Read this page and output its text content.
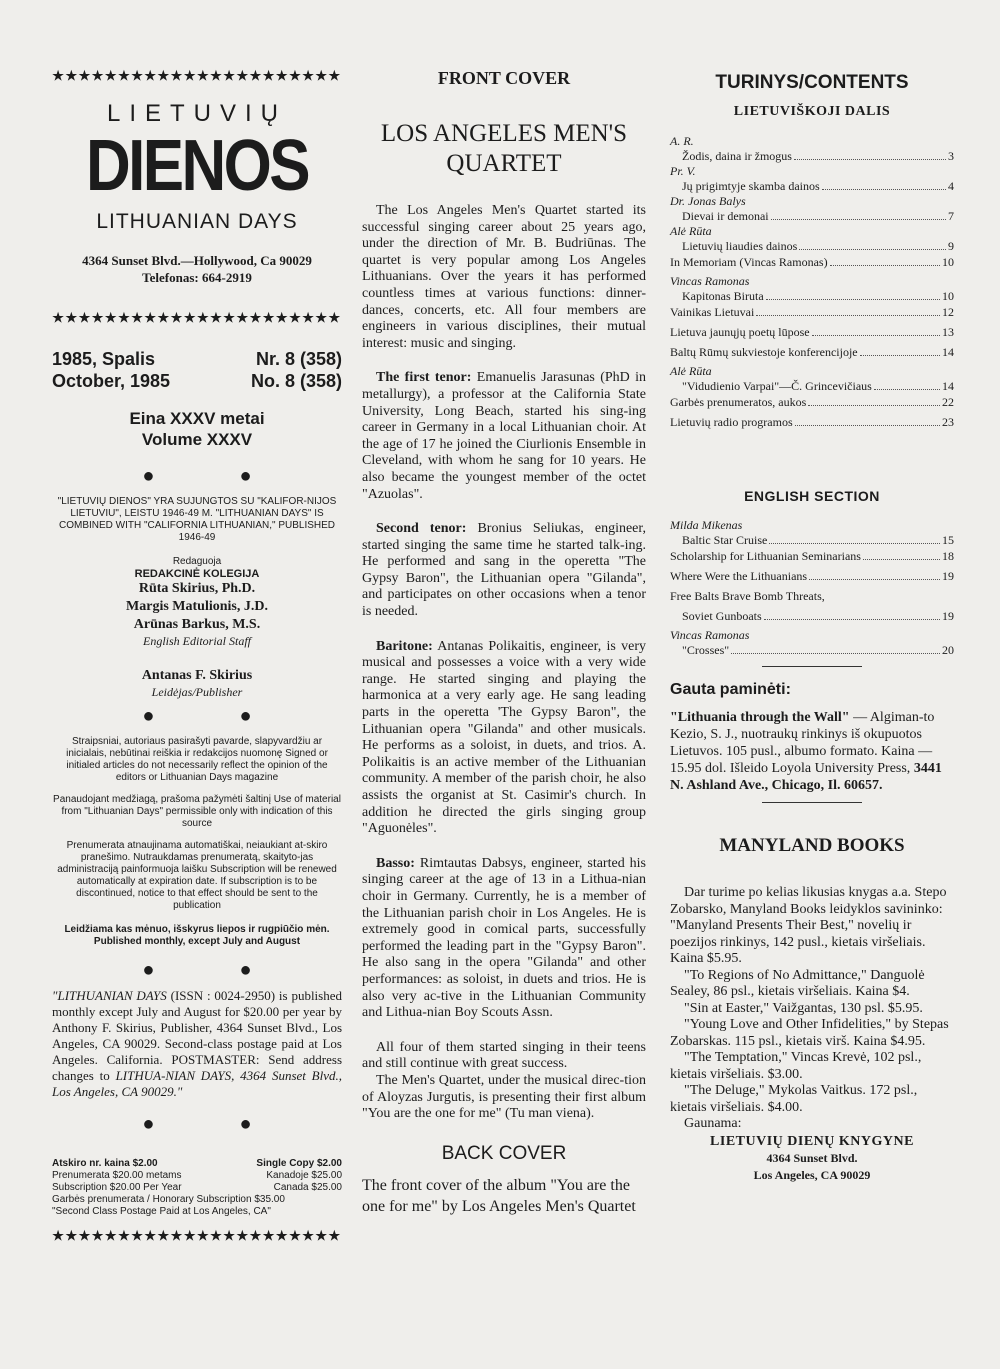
★★★★★★★★★★★★★★★★★★★★★★
LIETUVIŲ
DIENOS
LITHUANIAN DAYS
4364 Sunset Blvd.—Hollywood, Ca 90029
Telefonas: 664-2919
★★★★★★★★★★★★★★★★★★★★★★
1985, Spalis	Nr. 8 (358)
October, 1985	No. 8 (358)
Eina XXXV metai
Volume XXXV
● ●
"LIETUVIŲ DIENOS" YRA SUJUNGTOS SU "KALIFOR-NIJOS LIETUVIU", LEISTU 1946-49 M. "LITHUANIAN DAYS" IS COMBINED WITH "CALIFORNIA LITHUANIAN," PUBLISHED 1946-49
Redaguoja
REDAKCINĖ KOLEGIJA
Rūta Skirius, Ph.D.
Margis Matulionis, J.D.
Arūnas Barkus, M.S.
English Editorial Staff
Antanas F. Skirius
Leidėjas/Publisher
● ●
Straipsniai, autoriaus pasirašyti pavarde, slapyvardžiu ar inicialais, nebūtinai reiškia ir redakcijos nuomonę Signed or initialed articles do not necessarily reflect the opinion of the editors or Lithuanian Days magazine
Panaudojant medžiagą, prašoma pažymėti šaltinį Use of material from "Lithuanian Days" permissible only with indication of this source
Prenumerata atnaujinama automatiškai, neiaukiant at-skiro pranešimo. Nutraukdamas prenumeratą, skaityto-jas administraciją painformuoja laišku Subscription will be renewed automatically at expiration date. If subscription is to be discontinued, notice to that effect should be sent to the publication
Leidžiama kas mėnuo, išskyrus liepos ir rugpiūčio mėn.
Published monthly, except July and August
● ●
"LITHUANIAN DAYS (ISSN : 0024-2950) is published monthly except July and August for $20.00 per year by Anthony F. Skirius, Publisher, 4364 Sunset Blvd., Los Angeles, CA 90029. Second-class postage paid at Los Angeles. California. POSTMASTER: Send address changes to LITHUA-NIAN DAYS, 4364 Sunset Blvd., Los Angeles, CA 90029."
● ●
Atskiro nr. kaina $2.00	Single Copy $2.00
Prenumerata $20.00 metams	Kanadoje $25.00
Subscription $20.00 Per Year	Canada $25.00
Garbės prenumerata / Honorary Subscription $35.00
"Second Class Postage Paid at Los Angeles, CA"
★★★★★★★★★★★★★★★★★★★★★★
FRONT COVER
LOS ANGELES MEN'S QUARTET

The Los Angeles Men's Quartet started its successful singing career about 25 years ago, under the direction of Mr. B. Budriūnas. The quartet is very popular among Los Angeles Lithuanians. Over the years it has performed countless times at various functions: dinner-dances, concerts, etc. All four members are engineers in various disciplines, their mutual interest: music and singing.

The first tenor: Emanuelis Jarasunas (PhD in metallurgy), a professor at the California State University, Long Beach, started his sing-ing career in Germany in a local Lithuanian choir. At the age of 17 he joined the Ciurlionis Ensemble in Cleveland, with whom he sang for 10 years. He also became the youngest member of the octet "Azuolas".

Second tenor: Bronius Seliukas, engineer, started singing the same time he started talk-ing. He performed and sang in the operetta "The Gypsy Baron", the Lithuanian opera "Gilanda", and participates on other occasions when a tenor is needed.

Baritone: Antanas Polikaitis, engineer, is very musical and possesses a voice with a very wide range. He started singing and playing the harmonica at a very early age. He sang leading parts in the operetta 'The Gypsy Baron", the Lithuanian opera "Gilanda" and other musicals. He performs as a soloist, in duets, and trios. A. Polikaitis is an active member of the Lithuanian community. A member of the parish choir, he also assists the organist at St. Casimir's church. In addition he directed the girls singing group "Aguonėles".

Basso: Rimtautas Dabsys, engineer, started his singing career at the age of 13 in a Lithua-nian choir in Germany. Currently, he is a member of the Lithuanian parish choir in Los Angeles. He is extremely good in comical parts, successfully performed the leading part in the "Gypsy Baron". He also sang in the opera "Gilanda" and other performances: as soloist, in duets and trios. He is also very ac-tive in the Lithuanian Community and Lithua-nian Boy Scouts Assn.

All four of them started singing in their teens and still continue with great success.

The Men's Quartet, under the musical direc-tion of Aloyzas Jurgutis, is presenting their first album "You are the one for me" (Tu man viena).

BACK COVER
The front cover of the album "You are the one for me" by Los Angeles Men's Quartet
TURINYS/CONTENTS
LIETUVIŠKOJI DALIS
A. R.
Žodis, daina ir žmogus	3
Pr. V.
Jų prigimtyje skamba dainos	4
Dr. Jonas Balys
Dievai ir demonai	7
Alė Rūta
Lietuvių liaudies dainos	9
In Memoriam (Vincas Ramonas)	10
Vincas Ramonas
Kapitonas Biruta	10
Vainikas Lietuvai	12
Lietuva jaunųjų poetų lūpose	13
Baltų Rūmų sukviestoje konferencijoje	14
Alė Rūta
"Vidudienio Varpai"—Č. Grincevičiaus	14
Garbės prenumeratos, aukos	22
Lietuvių radio programos	23
ENGLISH SECTION
Milda Mikenas
Baltic Star Cruise	15
Scholarship for Lithuanian Seminarians	18
Where Were the Lithuanians	19
Free Balts Brave Bomb Threats,
Soviet Gunboats	19
Vincas Ramonas
"Crosses"	20
Gauta paminėti:
"Lithuania through the Wall" — Algiman-to Kezio, S. J., nuotraukų rinkinys iš okupuotos Lietuvos. 105 pusl., albumo formato. Kaina — 15.95 dol. Išleido Loyola University Press, 3441 N. Ashland Ave., Chicago, Il. 60657.
MANYLAND BOOKS

Dar turime po kelias likusias knygas a.a. Stepo Zobarsko, Manyland Books leidyklos savininko: "Manyland Presents Their Best," novelių ir poezijos rinkinys, 142 pusl., kietais viršeliais. Kaina $5.95.

"To Regions of No Admittance," Danguolė Sealey, 86 psl., kietais viršeliais. Kaina $4.

"Sin at Easter," Vaižgantas, 130 psl. $5.95.

"Young Love and Other Infidelities," by Stepas Zobarskas. 115 psl., kietais virš. Kaina $4.95.

"The Temptation," Vincas Krevė, 102 psl., kietais viršeliais. $3.00.

"The Deluge," Mykolas Vaitkus. 172 psl., kietais viršeliais. $4.00.

Gaunama:

LIETUVIŲ DIENŲ KNYGYNE
4364 Sunset Blvd.
Los Angeles, CA 90029
